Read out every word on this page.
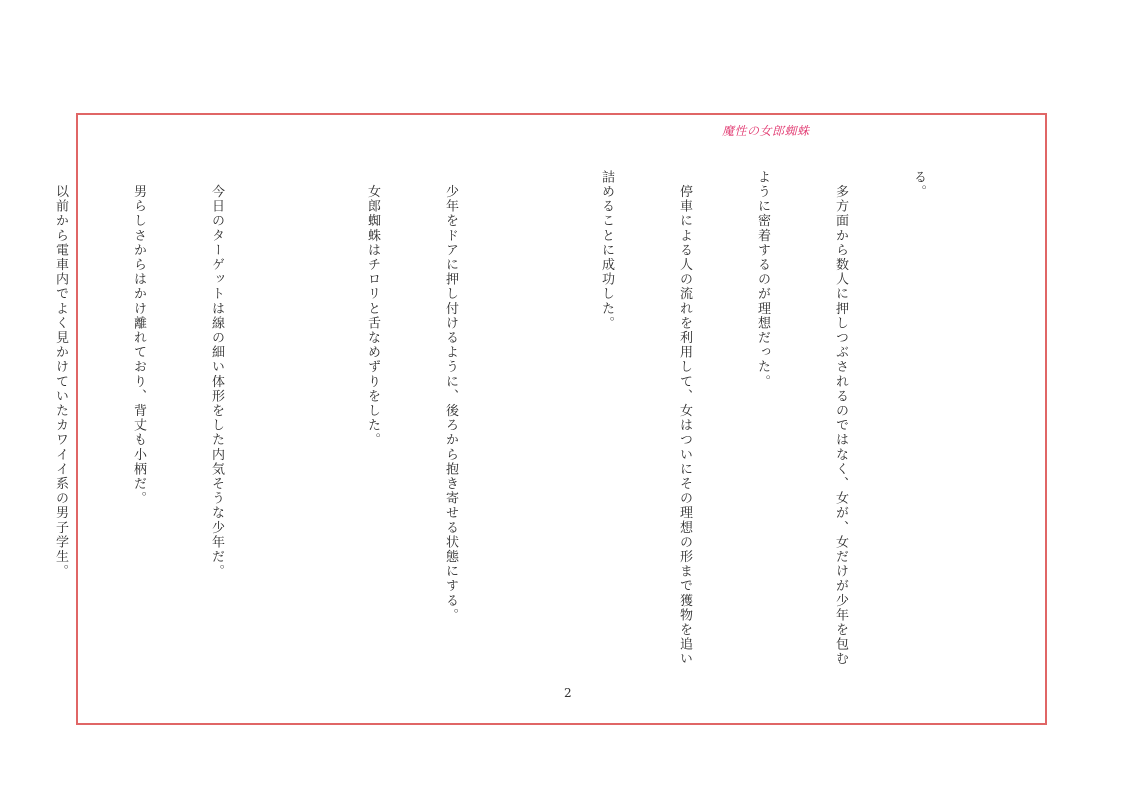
魔性の女郎蜘蛛

る。

　多方面から数人に押しつぶされるのではなく、女が、女だけが少年を包む

ように密着するのが理想だった。

　停車による人の流れを利用して、女はついにその理想の形まで獲物を追い

詰めることに成功した。

　少年をドアに押し付けるように、後ろから抱き寄せる状態にする。

　女郎蜘蛛はチロリと舌なめずりをした。

　今日のターゲットは線の細い体形をした内気そうな少年だ。

　男らしさからはかけ離れており、背丈も小柄だ。

　以前から電車内でよく見かけていたカワイイ系の男子学生。

2
